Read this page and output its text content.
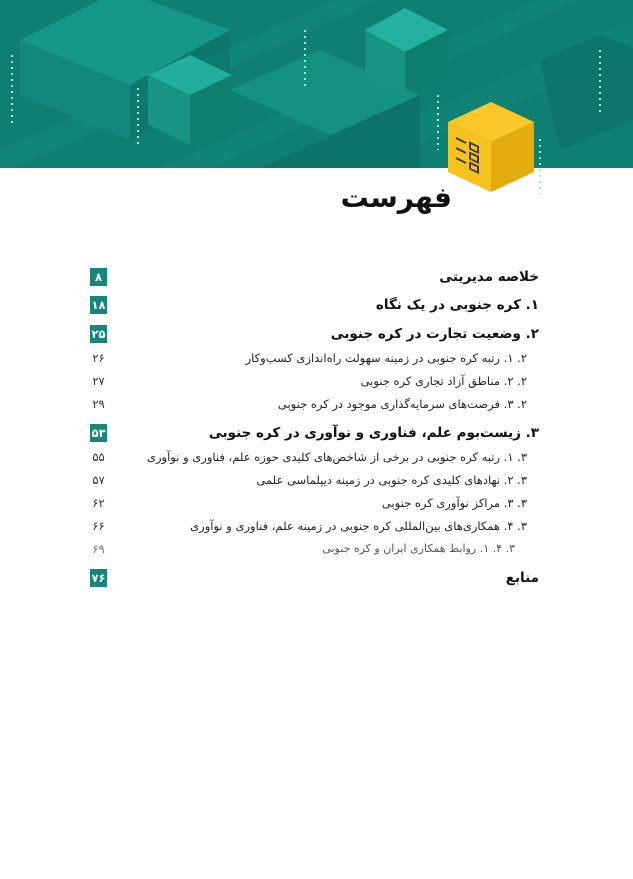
فهرست
خلاصه مدیریتی
۸
۱. کره جنوبی در یک نگاه
۱۸
۲. وضعیت تجارت در کره جنوبی
۲۵
۲. ۱. رتبه کره جنوبی در زمینه سهولت راه‌اندازی کسب‌وکار
۲۶
۲. ۲. مناطق آزاد تجاری کره جنوبی
۲۷
۲. ۳. فرصت‌های سرمایه‌گذاری موجود در کره جنوبی
۲۹
۳. زیست‌بوم علم، فناوری و نوآوری در کره جنوبی
۵۳
۳. ۱. رتبه کره جنوبی در برخی از شاخص‌های کلیدی حوزه علم، فناوری و نوآوری
۵۵
۳. ۲. نهادهای کلیدی کره جنوبی در زمینه دیپلماسی علمی
۵۷
۳. ۳. مراکز نوآوری کره جنوبی
۶۲
۳. ۴. همکاری‌های بین‌المللی کره جنوبی در زمینه علم، فناوری و نوآوری
۶۶
۳. ۴. ۱. روابط همکاری ایران و کره جنوبی
۶۹
منابع
۷۶
